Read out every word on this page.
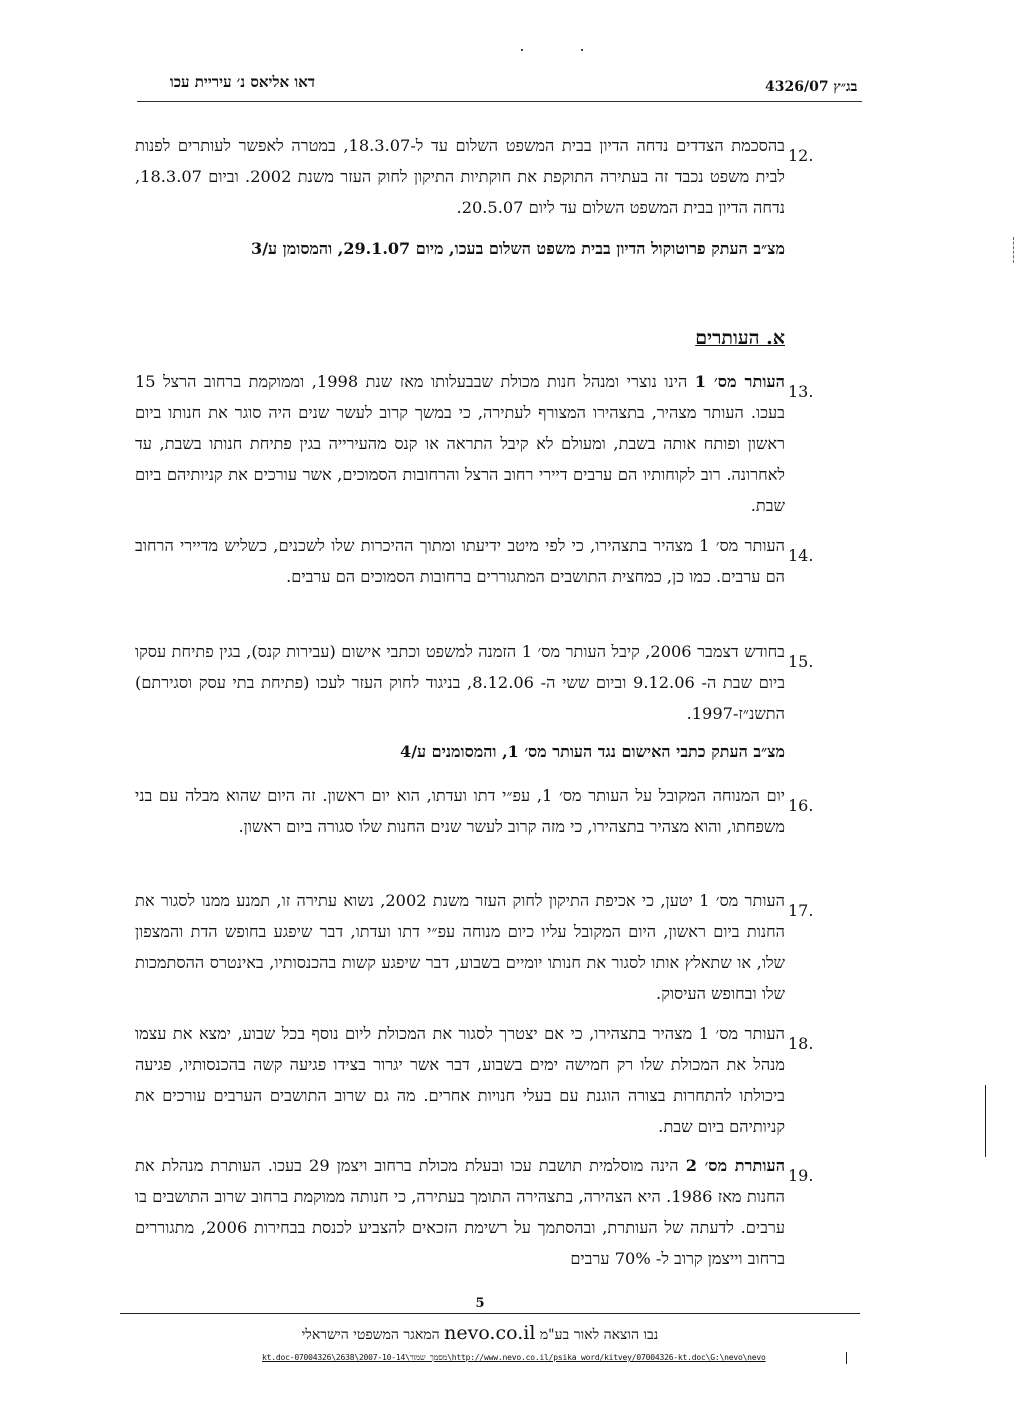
דאו אליאס נ׳ עיריית עכו	בג״ץ 4326/07
12.
בהסכמת הצדדים נדחה הדיון בבית המשפט השלום עד ל-18.3.07, במטרה לאפשר לעותרים לפנות לבית משפט נכבד זה בעתירה התוקפת את חוקתיות התיקון לחוק העזר משנת 2002. וביום 18.3.07, נדחה הדיון בבית המשפט השלום עד ליום 20.5.07.
מצ״ב העתק פרוטוקול הדיון בבית משפט השלום בעכו, מיום 29.1.07, והמסומן ע/3
א. העותרים
13.
העותר מס׳ 1 הינו נוצרי ומנהל חנות מכולת שבבעלותו מאז שנת 1998, וממוקמת ברחוב הרצל 15 בעכו. העותר מצהיר, בתצהירו המצורף לעתירה, כי במשך קרוב לעשר שנים היה סוגר את חנותו ביום ראשון ופותח אותה בשבת, ומעולם לא קיבל התראה או קנס מהעירייה בגין פתיחת חנותו בשבת, עד לאחרונה. רוב לקוחותיו הם ערבים דיירי רחוב הרצל והרחובות הסמוכים, אשר עורכים את קניותיהם ביום שבת.
14.
העותר מס׳ 1 מצהיר בתצהירו, כי לפי מיטב ידיעתו ומתוך ההיכרות שלו לשכנים, כשליש מדיירי הרחוב הם ערבים. כמו כן, כמחצית התושבים המתגוררים ברחובות הסמוכים הם ערבים.
15.
בחודש דצמבר 2006, קיבל העותר מס׳ 1 הזמנה למשפט וכתבי אישום (עבירות קנס), בגין פתיחת עסקו ביום שבת ה- 9.12.06 וביום ששי ה- 8.12.06, בניגוד לחוק העזר לעכו (פתיחת בתי עסק וסגירתם) התשנ״ז-1997.
מצ״ב העתק כתבי האישום נגד העותר מס׳ 1, והמסומנים ע/4
16.
יום המנוחה המקובל על העותר מס׳ 1, עפ״י דתו ועדתו, הוא יום ראשון. זה היום שהוא מבלה עם בני משפחתו, והוא מצהיר בתצהירו, כי מזה קרוב לעשר שנים החנות שלו סגורה ביום ראשון.
17.
העותר מס׳ 1 יטען, כי אכיפת התיקון לחוק העזר משנת 2002, נשוא עתירה זו, תמנע ממנו לסגור את החנות ביום ראשון, היום המקובל עליו כיום מנוחה עפ״י דתו ועדתו, דבר שיפגע בחופש הדת והמצפון שלו, או שתאלץ אותו לסגור את חנותו יומיים בשבוע, דבר שיפגע קשות בהכנסותיו, באינטרס ההסתמכות שלו ובחופש העיסוק.
18.
העותר מס׳ 1 מצהיר בתצהירו, כי אם יצטרך לסגור את המכולת ליום נוסף בכל שבוע, ימצא את עצמו מנהל את המכולת שלו רק חמישה ימים בשבוע, דבר אשר יגרור בצידו פגיעה קשה בהכנסותיו, פגיעה ביכולתו להתחרות בצורה הוגנת עם בעלי חנויות אחרים. מה גם שרוב התושבים הערבים עורכים את קניותיהם ביום שבת.
19.
העותרת מס׳ 2 הינה מוסלמית תושבת עכו ובעלת מכולת ברחוב ויצמן 29 בעכו. העותרת מנהלת את החנות מאז 1986. היא הצהירה, בתצהירה התומך בעתירה, כי חנותה ממוקמת ברחוב שרוב התושבים בו ערבים. לדעתה של העותרת, ובהסתמך על רשימת הזכאים להצביע לכנסת בבחירות 2006, מתגוררים ברחוב וייצמן קרוב ל- 70% ערבים
5
נבו הוצאה לאור בע"מ nevo.co.il המאגר המשפטי הישראלי
kt.doc-07004326\2638\2007-10-14\מסמך שמור\http://www.nevo.co.il/psika_word/kitvey/07004326-kt.doc\G:\nevo\nevo
